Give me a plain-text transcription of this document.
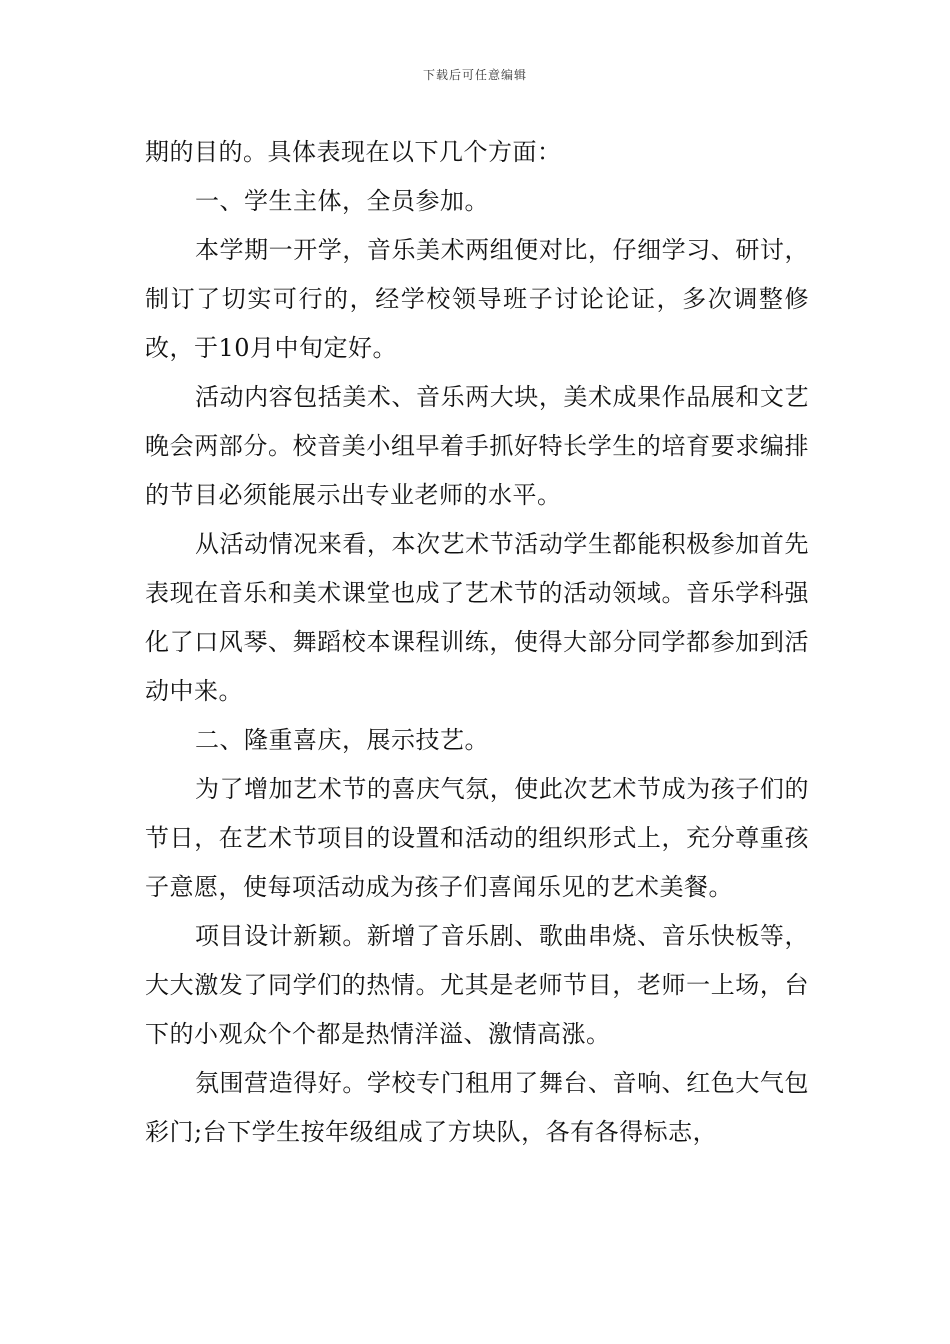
下载后可任意编辑

期的目的。具体表现在以下几个方面：

一、学生主体，全员参加。

本学期一开学，音乐美术两组便对比，仔细学习、研讨，制订了切实可行的，经学校领导班子讨论论证，多次调整修改，于10月中旬定好。

活动内容包括美术、音乐两大块，美术成果作品展和文艺晚会两部分。校音美小组早着手抓好特长学生的培育要求编排的节目必须能展示出专业老师的水平。

从活动情况来看，本次艺术节活动学生都能积极参加首先表现在音乐和美术课堂也成了艺术节的活动领域。音乐学科强化了口风琴、舞蹈校本课程训练，使得大部分同学都参加到活动中来。

二、隆重喜庆，展示技艺。

为了增加艺术节的喜庆气氛，使此次艺术节成为孩子们的节日，在艺术节项目的设置和活动的组织形式上，充分尊重孩子意愿，使每项活动成为孩子们喜闻乐见的艺术美餐。

项目设计新颖。新增了音乐剧、歌曲串烧、音乐快板等，大大激发了同学们的热情。尤其是老师节目，老师一上场，台下的小观众个个都是热情洋溢、激情高涨。

氛围营造得好。学校专门租用了舞台、音响、红色大气包彩门;台下学生按年级组成了方块队，各有各得标志，
